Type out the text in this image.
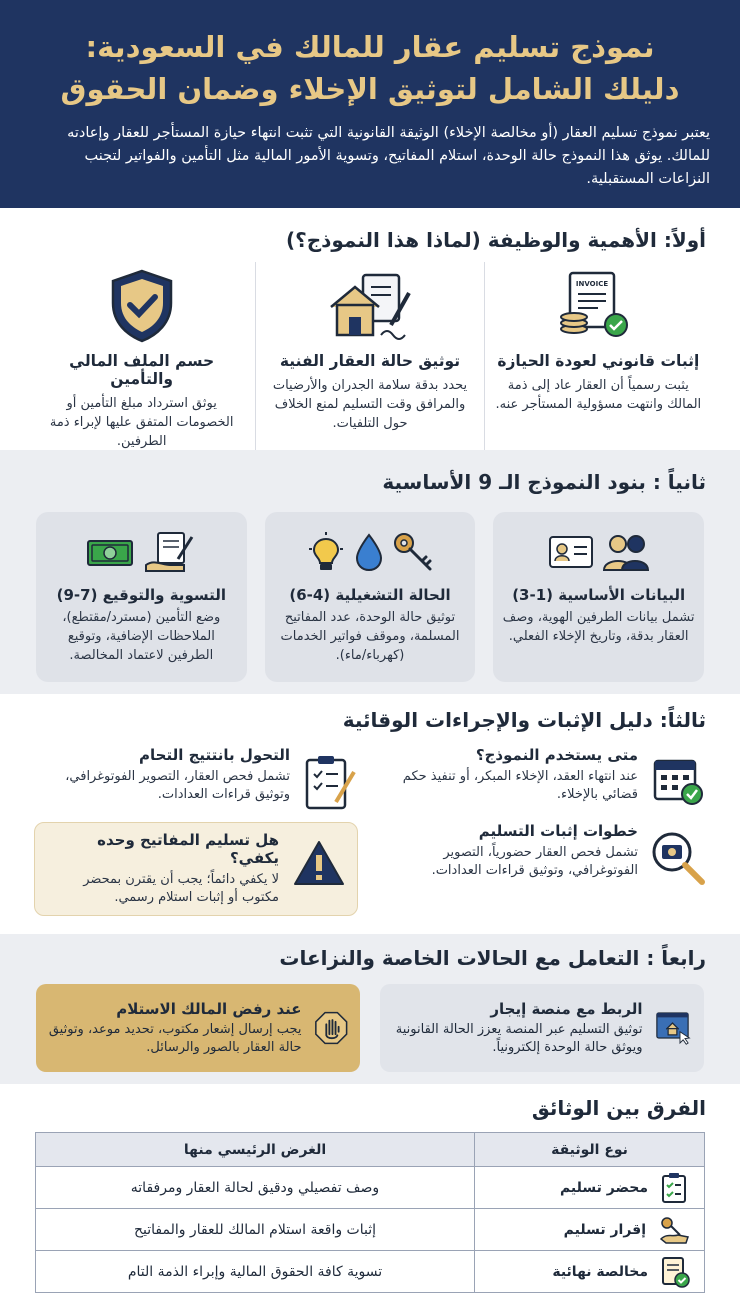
نموذج تسليم عقار للمالك في السعودية:
دليلك الشامل لتوثيق الإخلاء وضمان الحقوق

يعتبر نموذج تسليم العقار (أو مخالصة الإخلاء) الوثيقة القانونية التي تثبت انتهاء حيازة المستأجر للعقار وإعادته للمالك. يوثق هذا النموذج حالة الوحدة، استلام المفاتيح، وتسوية الأمور المالية مثل التأمين والفواتير لتجنب النزاعات المستقبلية.

أولاً: الأهمية والوظيفة (لماذا هذا النموذج؟)
INVOICE
إثبات قانوني لعودة الحيازة

يثبت رسمياً أن العقار عاد إلى ذمة المالك وانتهت مسؤولية المستأجر عنه.

توثيق حالة العقار الفنية

يحدد بدقة سلامة الجدران والأرضيات والمرافق وقت التسليم لمنع الخلاف حول التلفيات.

حسم الملف المالي والتأمين

يوثق استرداد مبلغ التأمين أو الخصومات المتفق عليها لإبراء ذمة الطرفين.

ثانياً : بنود النموذج الـ 9 الأساسية
البيانات الأساسية (1-3)

تشمل بيانات الطرفين الهوية، وصف العقار بدقة، وتاريخ الإخلاء الفعلي.

الحالة التشغيلية (4-6)

توثيق حالة الوحدة، عدد المفاتيح المسلمة، وموقف فواتير الخدمات (كهرباء/ماء).

التسوية والتوقيع (7-9)

وضع التأمين (مسترد/مقتطع)، الملاحظات الإضافية، وتوقيع الطرفين لاعتماد المخالصة.

ثالثاً: دليل الإثبات والإجراءات الوقائية
متى يستخدم النموذج؟

عند انتهاء العقد، الإخلاء المبكر، أو تنفيذ حكم قضائي بالإخلاء.

التحول بانتتيج التحام

تشمل فحص العقار، التصوير الفوتوغرافي، وتوثيق قراءات العدادات.

خطوات إثبات التسليم

تشمل فحص العقار حضورياً، التصوير الفوتوغرافي، وتوثيق قراءات العدادات.

هل تسليم المفاتيح وحده يكفي؟

لا يكفي دائماً؛ يجب أن يقترن بمحضر مكتوب أو إثبات استلام رسمي.

رابعاً : التعامل مع الحالات الخاصة والنزاعات
الربط مع منصة إيجار

توثيق التسليم عبر المنصة يعزز الحالة القانونية ويوثق حالة الوحدة إلكترونياً.

عند رفض المالك الاستلام

يجب إرسال إشعار مكتوب، تحديد موعد، وتوثيق حالة العقار بالصور والرسائل.

الفرق بين الوثائق
نوع الوثيقة	الغرض الرئيسي منها

محضر تسليم	وصف تفصيلي ودقيق لحالة العقار ومرفقاته

إقرار تسليم	إثبات واقعة استلام المالك للعقار والمفاتيح

مخالصة نهائية	تسوية كافة الحقوق المالية وإبراء الذمة التام
